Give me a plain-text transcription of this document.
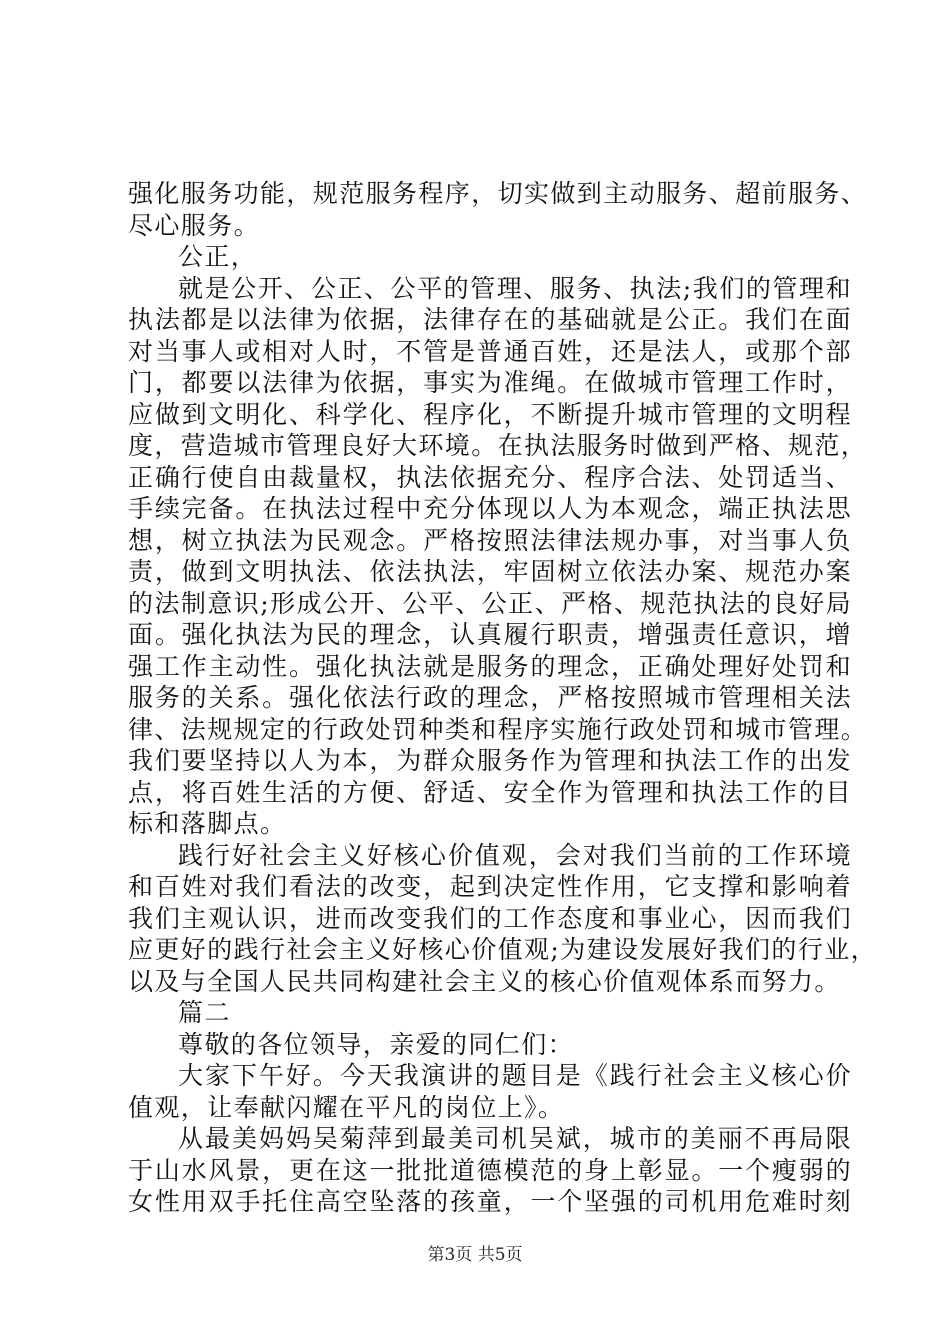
强化服务功能，规范服务程序，切实做到主动服务、超前服务、
尽心服务。
公正，
就是公开、公正、公平的管理、服务、执法;我们的管理和
执法都是以法律为依据，法律存在的基础就是公正。我们在面
对当事人或相对人时，不管是普通百姓，还是法人，或那个部
门，都要以法律为依据，事实为准绳。在做城市管理工作时，
应做到文明化、科学化、程序化，不断提升城市管理的文明程
度，营造城市管理良好大环境。在执法服务时做到严格、规范，
正确行使自由裁量权，执法依据充分、程序合法、处罚适当、
手续完备。在执法过程中充分体现以人为本观念，端正执法思
想，树立执法为民观念。严格按照法律法规办事，对当事人负
责，做到文明执法、依法执法，牢固树立依法办案、规范办案
的法制意识;形成公开、公平、公正、严格、规范执法的良好局
面。强化执法为民的理念，认真履行职责，增强责任意识，增
强工作主动性。强化执法就是服务的理念，正确处理好处罚和
服务的关系。强化依法行政的理念，严格按照城市管理相关法
律、法规规定的行政处罚种类和程序实施行政处罚和城市管理。
我们要坚持以人为本，为群众服务作为管理和执法工作的出发
点，将百姓生活的方便、舒适、安全作为管理和执法工作的目
标和落脚点。
践行好社会主义好核心价值观，会对我们当前的工作环境
和百姓对我们看法的改变，起到决定性作用，它支撑和影响着
我们主观认识，进而改变我们的工作态度和事业心，因而我们
应更好的践行社会主义好核心价值观;为建设发展好我们的行业，
以及与全国人民共同构建社会主义的核心价值观体系而努力。
篇二
尊敬的各位领导，亲爱的同仁们：
大家下午好。今天我演讲的题目是《践行社会主义核心价
值观，让奉献闪耀在平凡的岗位上》。
从最美妈妈吴菊萍到最美司机吴斌，城市的美丽不再局限
于山水风景，更在这一批批道德模范的身上彰显。一个瘦弱的
女性用双手托住高空坠落的孩童，一个坚强的司机用危难时刻
第3页 共5页
